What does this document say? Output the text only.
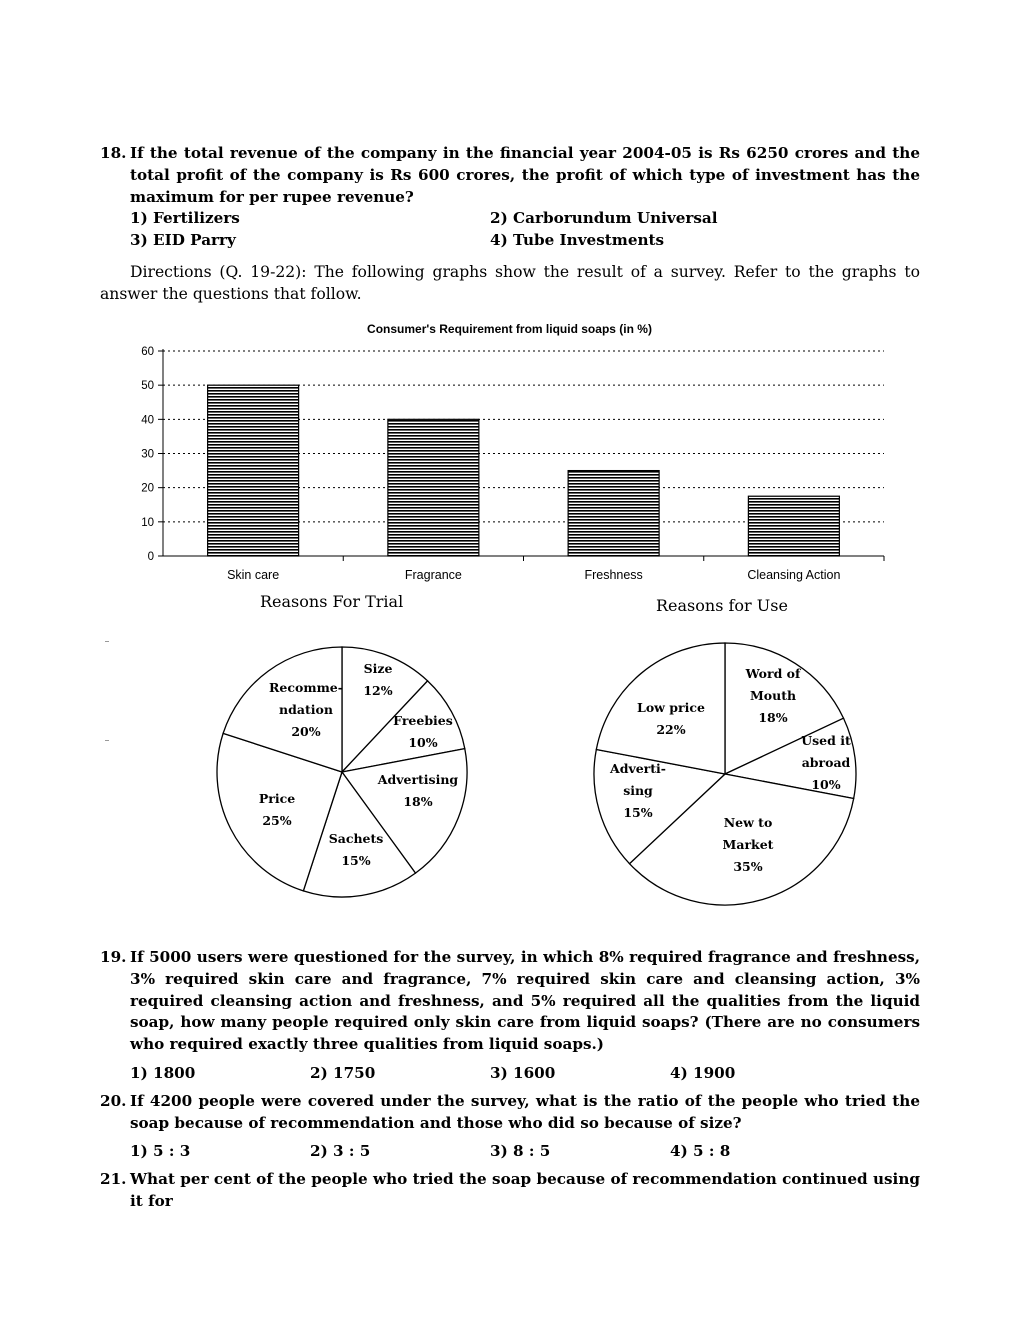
18. If the total revenue of the company in the financial year 2004-05 is Rs 6250 crores and the total profit of the company is Rs 600 crores, the profit of which type of investment has the maximum for per rupee revenue?
1) Fertilizers	2) Carborundum Universal
3) EID Parry	4) Tube Investments
Directions (Q. 19-22): The following graphs show the result of a survey. Refer to the graphs to answer the questions that follow.
Consumer's Requirement from liquid soaps (in %)
0
10
20
30
40
50
60
Skin care	Fragrance	Freshness	Cleansing Action
Reasons For Trial	Reasons for Use
Size 12%
Freebies 10%
Advertising 18%
Sachets 15%
Price 25%
Recomme-ndation 20%
Word of Mouth 18%
Used it abroad 10%
New to Market 35%
Adverti-sing 15%
Low price 22%
19. If 5000 users were questioned for the survey, in which 8% required fragrance and freshness, 3% required skin care and fragrance, 7% required skin care and cleansing action, 3% required cleansing action and freshness, and 5% required all the qualities from the liquid soap, how many people required only skin care from liquid soaps? (There are no consumers who required exactly three qualities from liquid soaps.)
1) 1800	2) 1750	3) 1600	4) 1900
20. If 4200 people were covered under the survey, what is the ratio of the people who tried the soap because of recommendation and those who did so because of size?
1) 5 : 3	2) 3 : 5	3) 8 : 5	4) 5 : 8
21. What per cent of the people who tried the soap because of recommendation continued using it for
